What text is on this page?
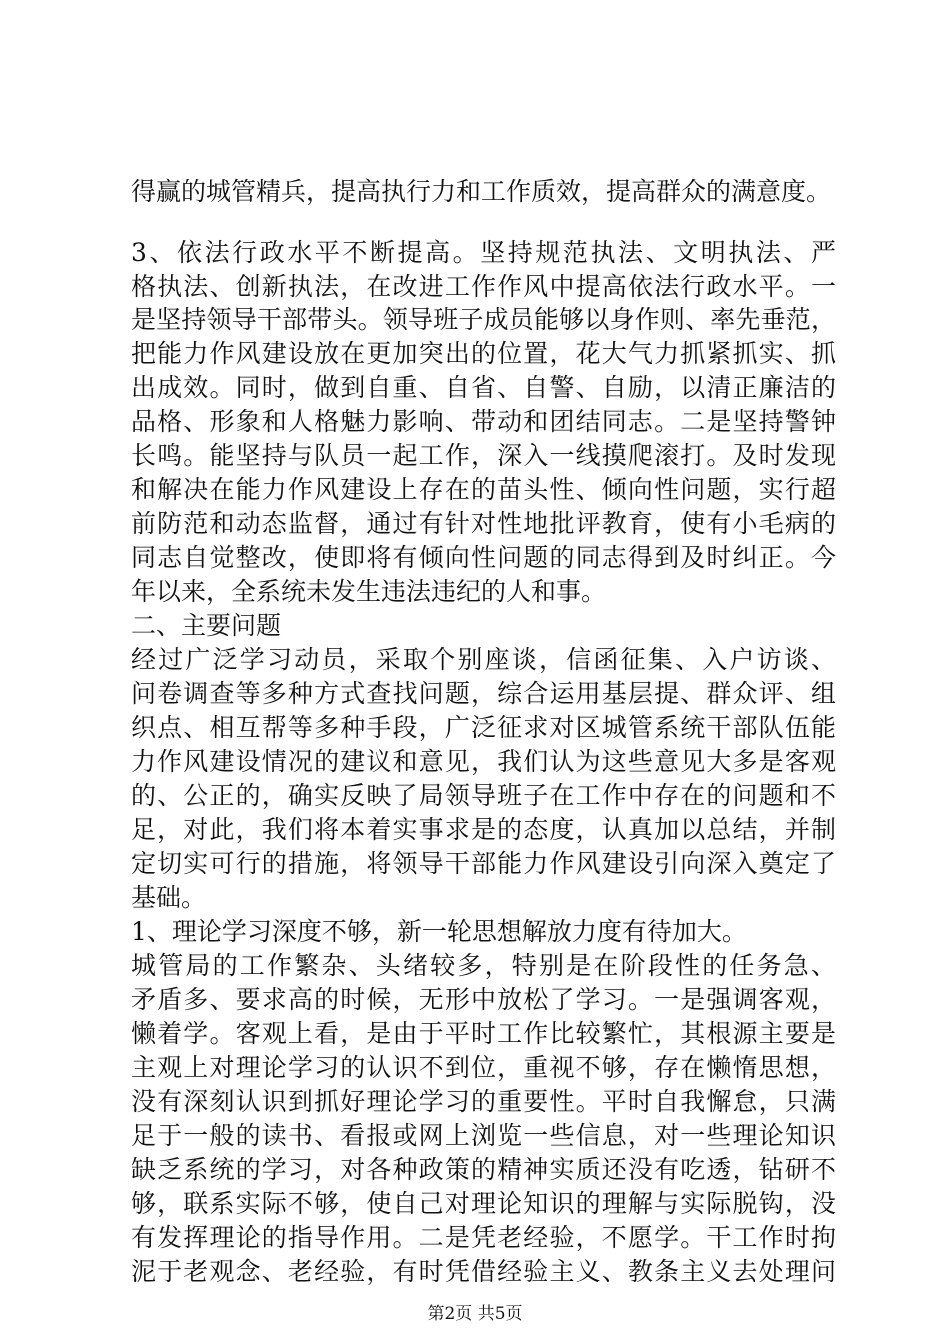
得赢的城管精兵，提高执行力和工作质效，提高群众的满意度。
3、依法行政水平不断提高。坚持规范执法、文明执法、严
格执法、创新执法，在改进工作作风中提高依法行政水平。一
是坚持领导干部带头。领导班子成员能够以身作则、率先垂范，
把能力作风建设放在更加突出的位置，花大气力抓紧抓实、抓
出成效。同时，做到自重、自省、自警、自励，以清正廉洁的
品格、形象和人格魅力影响、带动和团结同志。二是坚持警钟
长鸣。能坚持与队员一起工作，深入一线摸爬滚打。及时发现
和解决在能力作风建设上存在的苗头性、倾向性问题，实行超
前防范和动态监督，通过有针对性地批评教育，使有小毛病的
同志自觉整改，使即将有倾向性问题的同志得到及时纠正。今
年以来，全系统未发生违法违纪的人和事。
二、主要问题
经过广泛学习动员，采取个别座谈，信函征集、入户访谈、
问卷调查等多种方式查找问题，综合运用基层提、群众评、组
织点、相互帮等多种手段，广泛征求对区城管系统干部队伍能
力作风建设情况的建议和意见，我们认为这些意见大多是客观
的、公正的，确实反映了局领导班子在工作中存在的问题和不
足，对此，我们将本着实事求是的态度，认真加以总结，并制
定切实可行的措施，将领导干部能力作风建设引向深入奠定了
基础。
1、理论学习深度不够，新一轮思想解放力度有待加大。
城管局的工作繁杂、头绪较多，特别是在阶段性的任务急、
矛盾多、要求高的时候，无形中放松了学习。一是强调客观，
懒着学。客观上看，是由于平时工作比较繁忙，其根源主要是
主观上对理论学习的认识不到位，重视不够，存在懒惰思想，
没有深刻认识到抓好理论学习的重要性。平时自我懈怠，只满
足于一般的读书、看报或网上浏览一些信息，对一些理论知识
缺乏系统的学习，对各种政策的精神实质还没有吃透，钻研不
够，联系实际不够，使自己对理论知识的理解与实际脱钩，没
有发挥理论的指导作用。二是凭老经验，不愿学。干工作时拘
泥于老观念、老经验，有时凭借经验主义、教条主义去处理问
第2页 共5页
